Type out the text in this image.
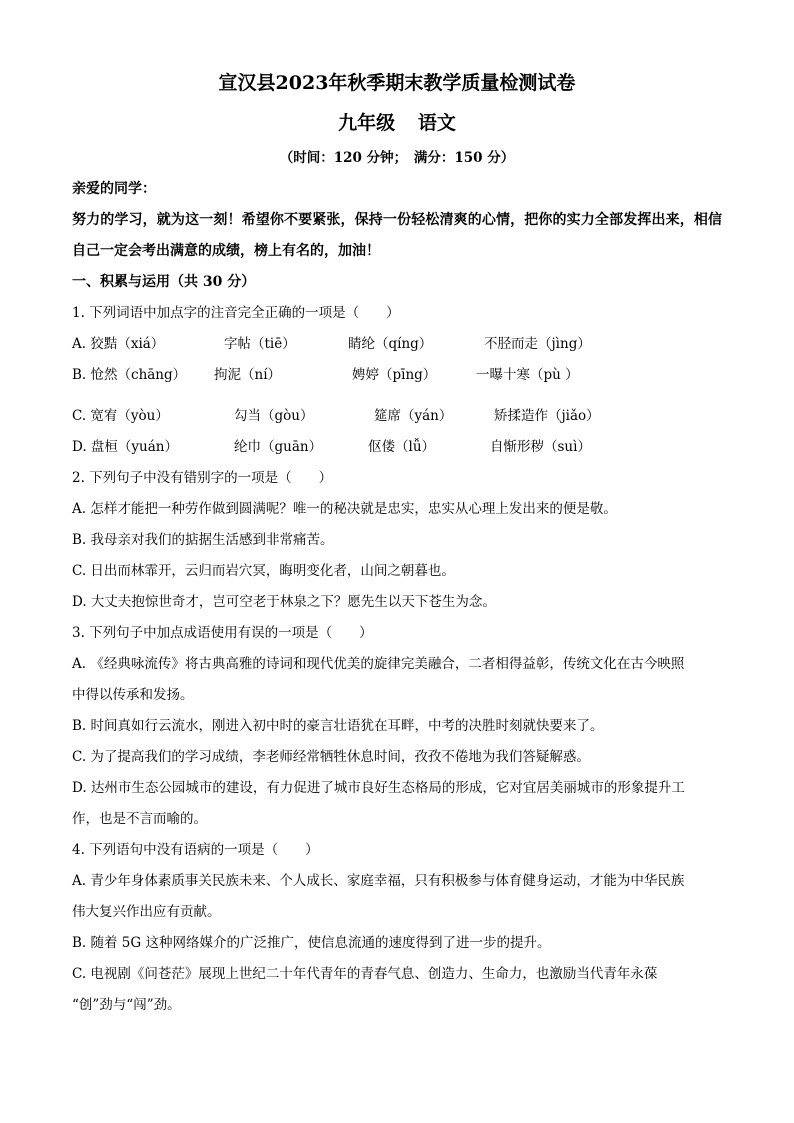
宣汉县2023年秋季期末教学质量检测试卷
九年级 语文

（时间：120 分钟；　满分：150 分）

亲爱的同学：

努力的学习，就为这一刻！希望你不要紧张，保持一份轻松清爽的心情，把你的实力全部发挥出来，相信自己一定会考出满意的成绩，榜上有名的，加油！

一、积累与运用（共 30 分）

1. 下列词语中加点字的注音完全正确的一项是（　　）

A. 狡黠（xiá）	字帖（tiē）	睛纶（qíng）	不胫而走（jìng）
B. 怆然（chāng）	拘泥（ní）	娉婷（pīng）	一曝十寒（pù ）
C. 宽宥（yòu）	勾当（gòu）	筵席（yán）	矫揉造作（jiǎo）
D. 盘桓（yuán）	纶巾（guān）	伛偻（lǚ）	自惭形秽（suì）

2. 下列句子中没有错别字的一项是（　　）

A. 怎样才能把一种劳作做到圆满呢？唯一的秘决就是忠实，忠实从心理上发出来的便是敬。

B. 我母亲对我们的掂据生活感到非常痛苦。

C. 日出而林霏开，云归而岩穴冥，晦明变化者，山间之朝暮也。

D. 大丈夫抱惊世奇才，岂可空老于林泉之下？愿先生以天下苍生为念。

3. 下列句子中加点成语使用有误的一项是（　　）

A. 《经典咏流传》将古典高雅的诗词和现代优美的旋律完美融合，二者相得益彰，传统文化在古今映照

中得以传承和发扬。

B. 时间真如行云流水，刚进入初中时的豪言壮语犹在耳畔，中考的决胜时刻就快要来了。

C. 为了提高我们的学习成绩，李老师经常牺牲休息时间，孜孜不倦地为我们答疑解惑。

D. 达州市生态公园城市的建设，有力促进了城市良好生态格局的形成，它对宜居美丽城市的形象提升工

作，也是不言而喻的。

4. 下列语句中没有语病的一项是（　　）

A. 青少年身体素质事关民族未来、个人成长、家庭幸福，只有积极参与体育健身运动，才能为中华民族

伟大复兴作出应有贡献。

B. 随着 5G 这种网络媒介的广泛推广，使信息流通的速度得到了进一步的提升。

C. 电视剧《问苍茫》展现上世纪二十年代青年的青春气息、创造力、生命力，也激励当代青年永葆

“创”劲与“闯”劲。
